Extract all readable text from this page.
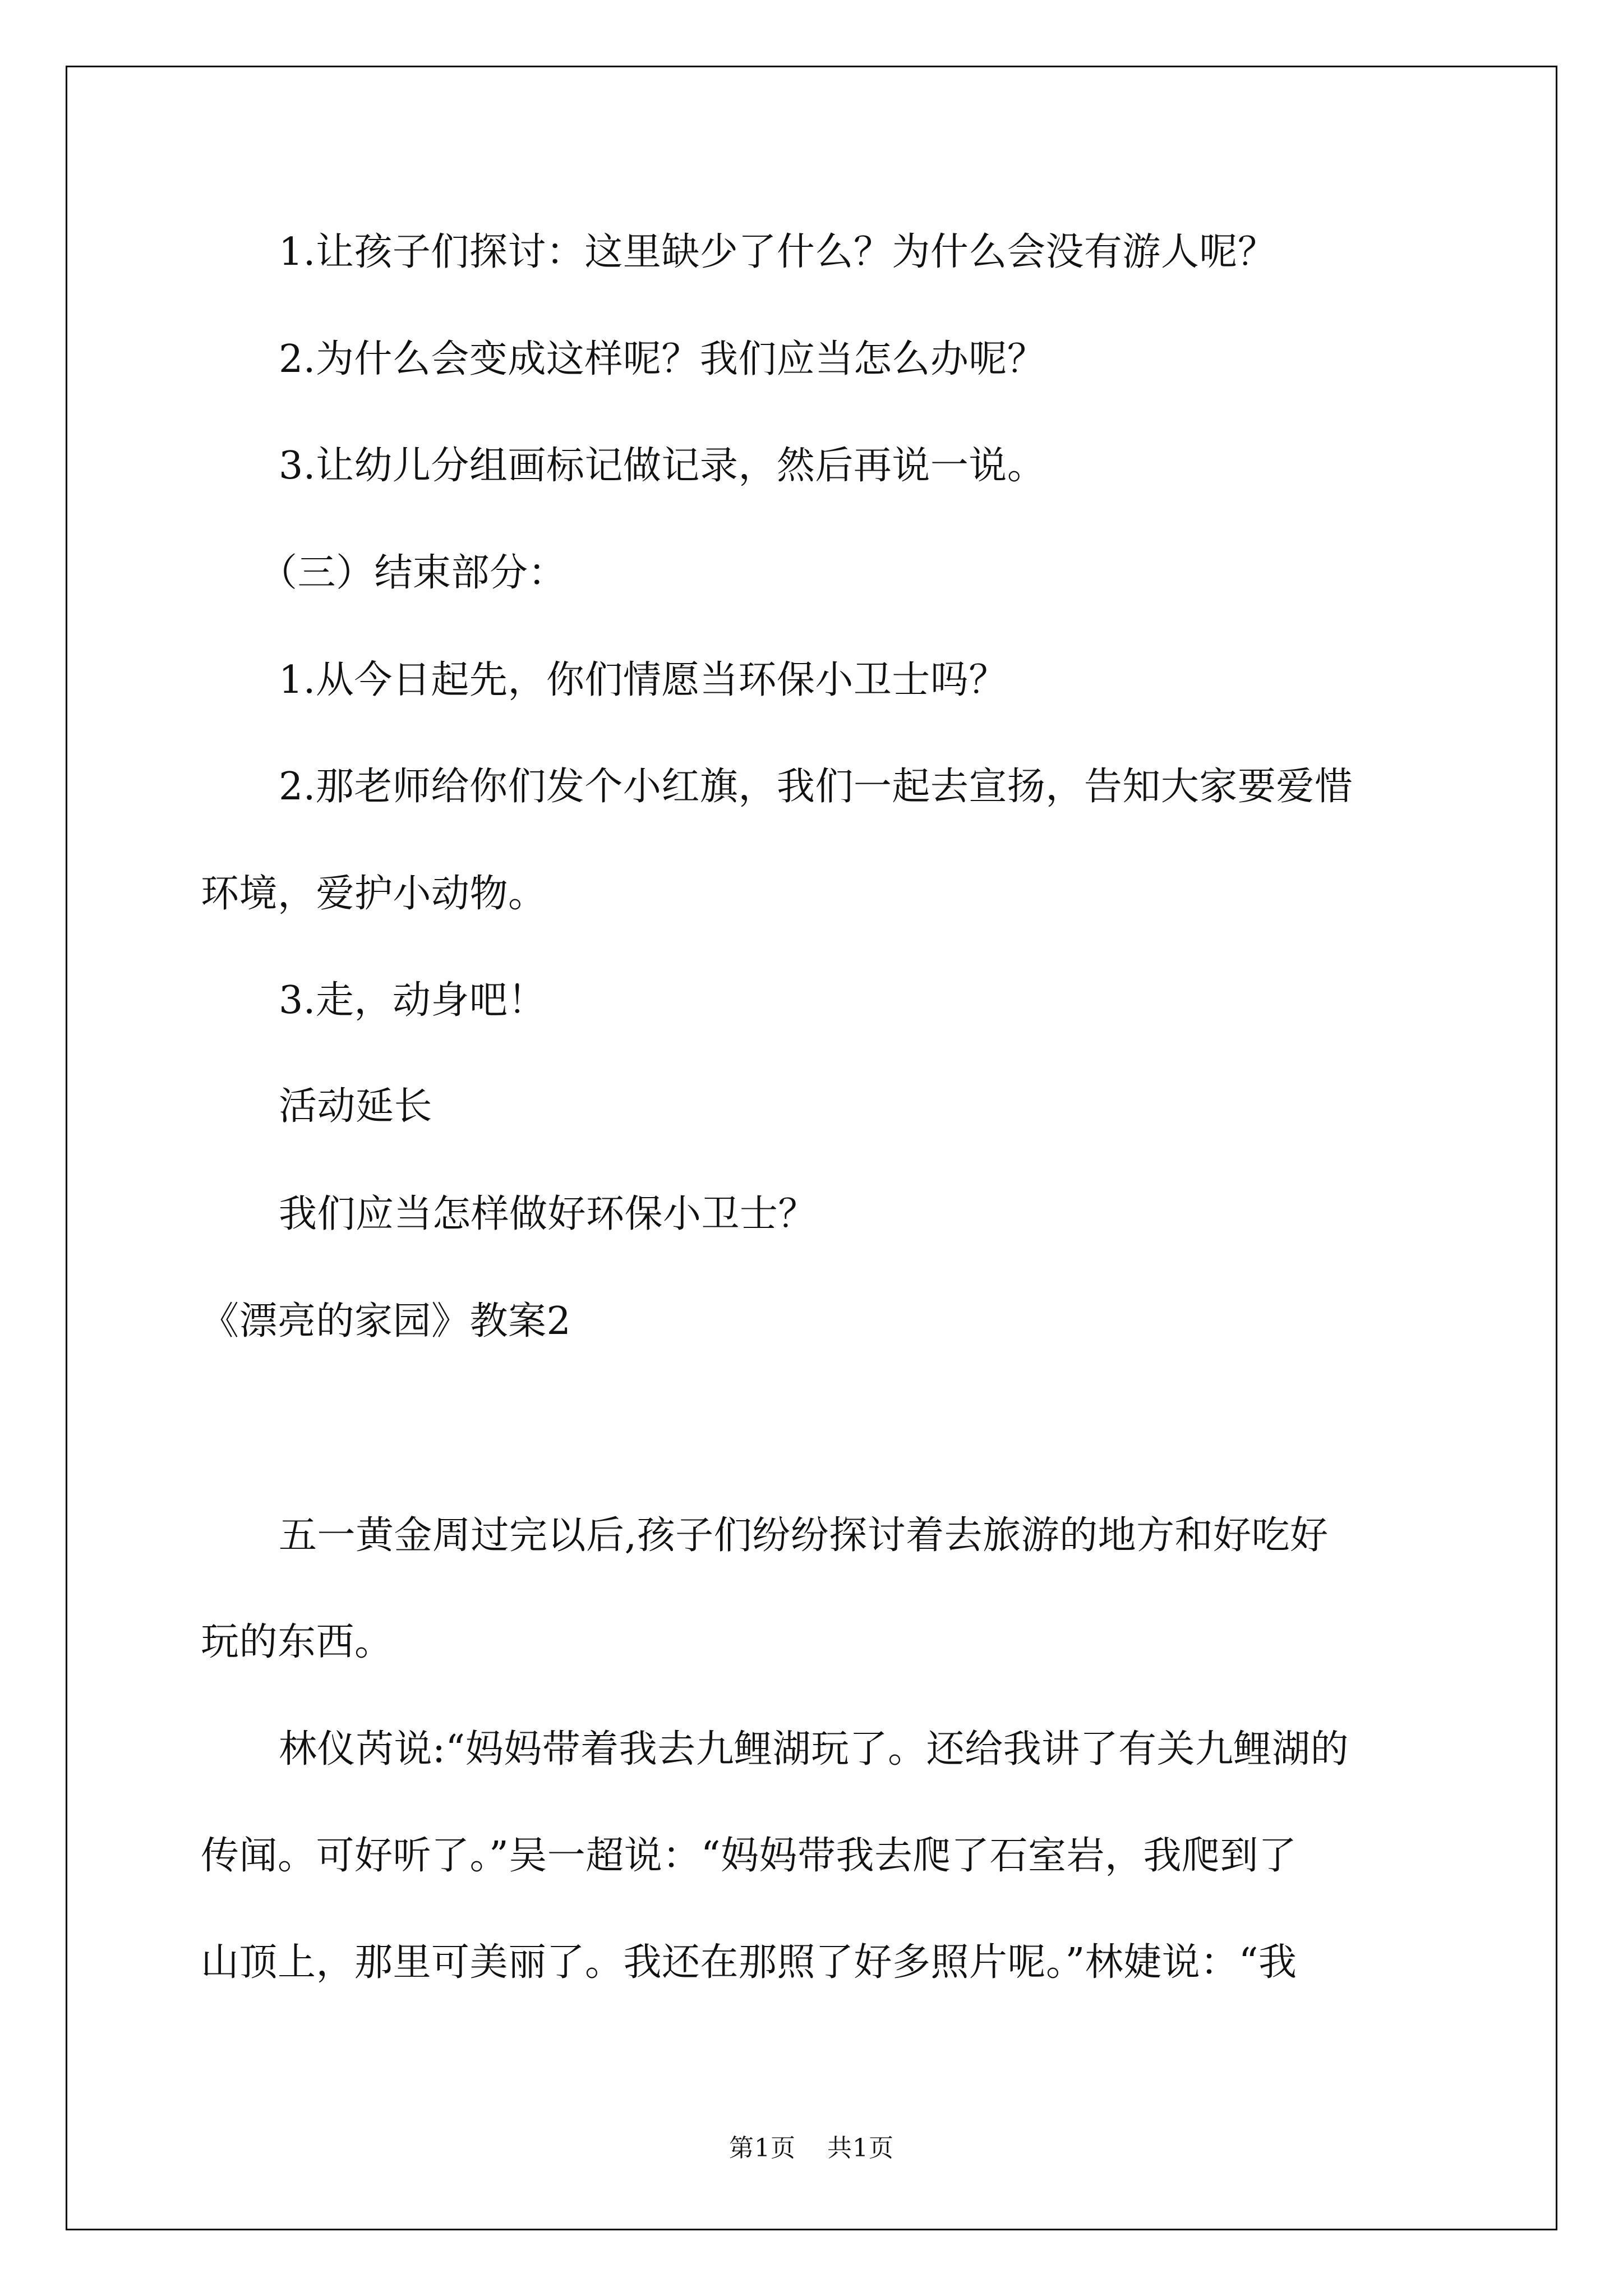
1.让孩子们探讨：这里缺少了什么？为什么会没有游人呢？
2.为什么会变成这样呢？我们应当怎么办呢？
3.让幼儿分组画标记做记录，然后再说一说。
（三）结束部分：
1.从今日起先，你们情愿当环保小卫士吗？
2.那老师给你们发个小红旗，我们一起去宣扬，告知大家要爱惜
环境，爱护小动物。
3.走，动身吧！
活动延长
我们应当怎样做好环保小卫士？
《漂亮的家园》教案2
五一黄金周过完以后,孩子们纷纷探讨着去旅游的地方和好吃好
玩的东西。
林仪芮说:“妈妈带着我去九鲤湖玩了。还给我讲了有关九鲤湖的
传闻。可好听了。”吴一超说：“妈妈带我去爬了石室岩，我爬到了
山顶上，那里可美丽了。我还在那照了好多照片呢。”林婕说：“我
第1页 共1页
